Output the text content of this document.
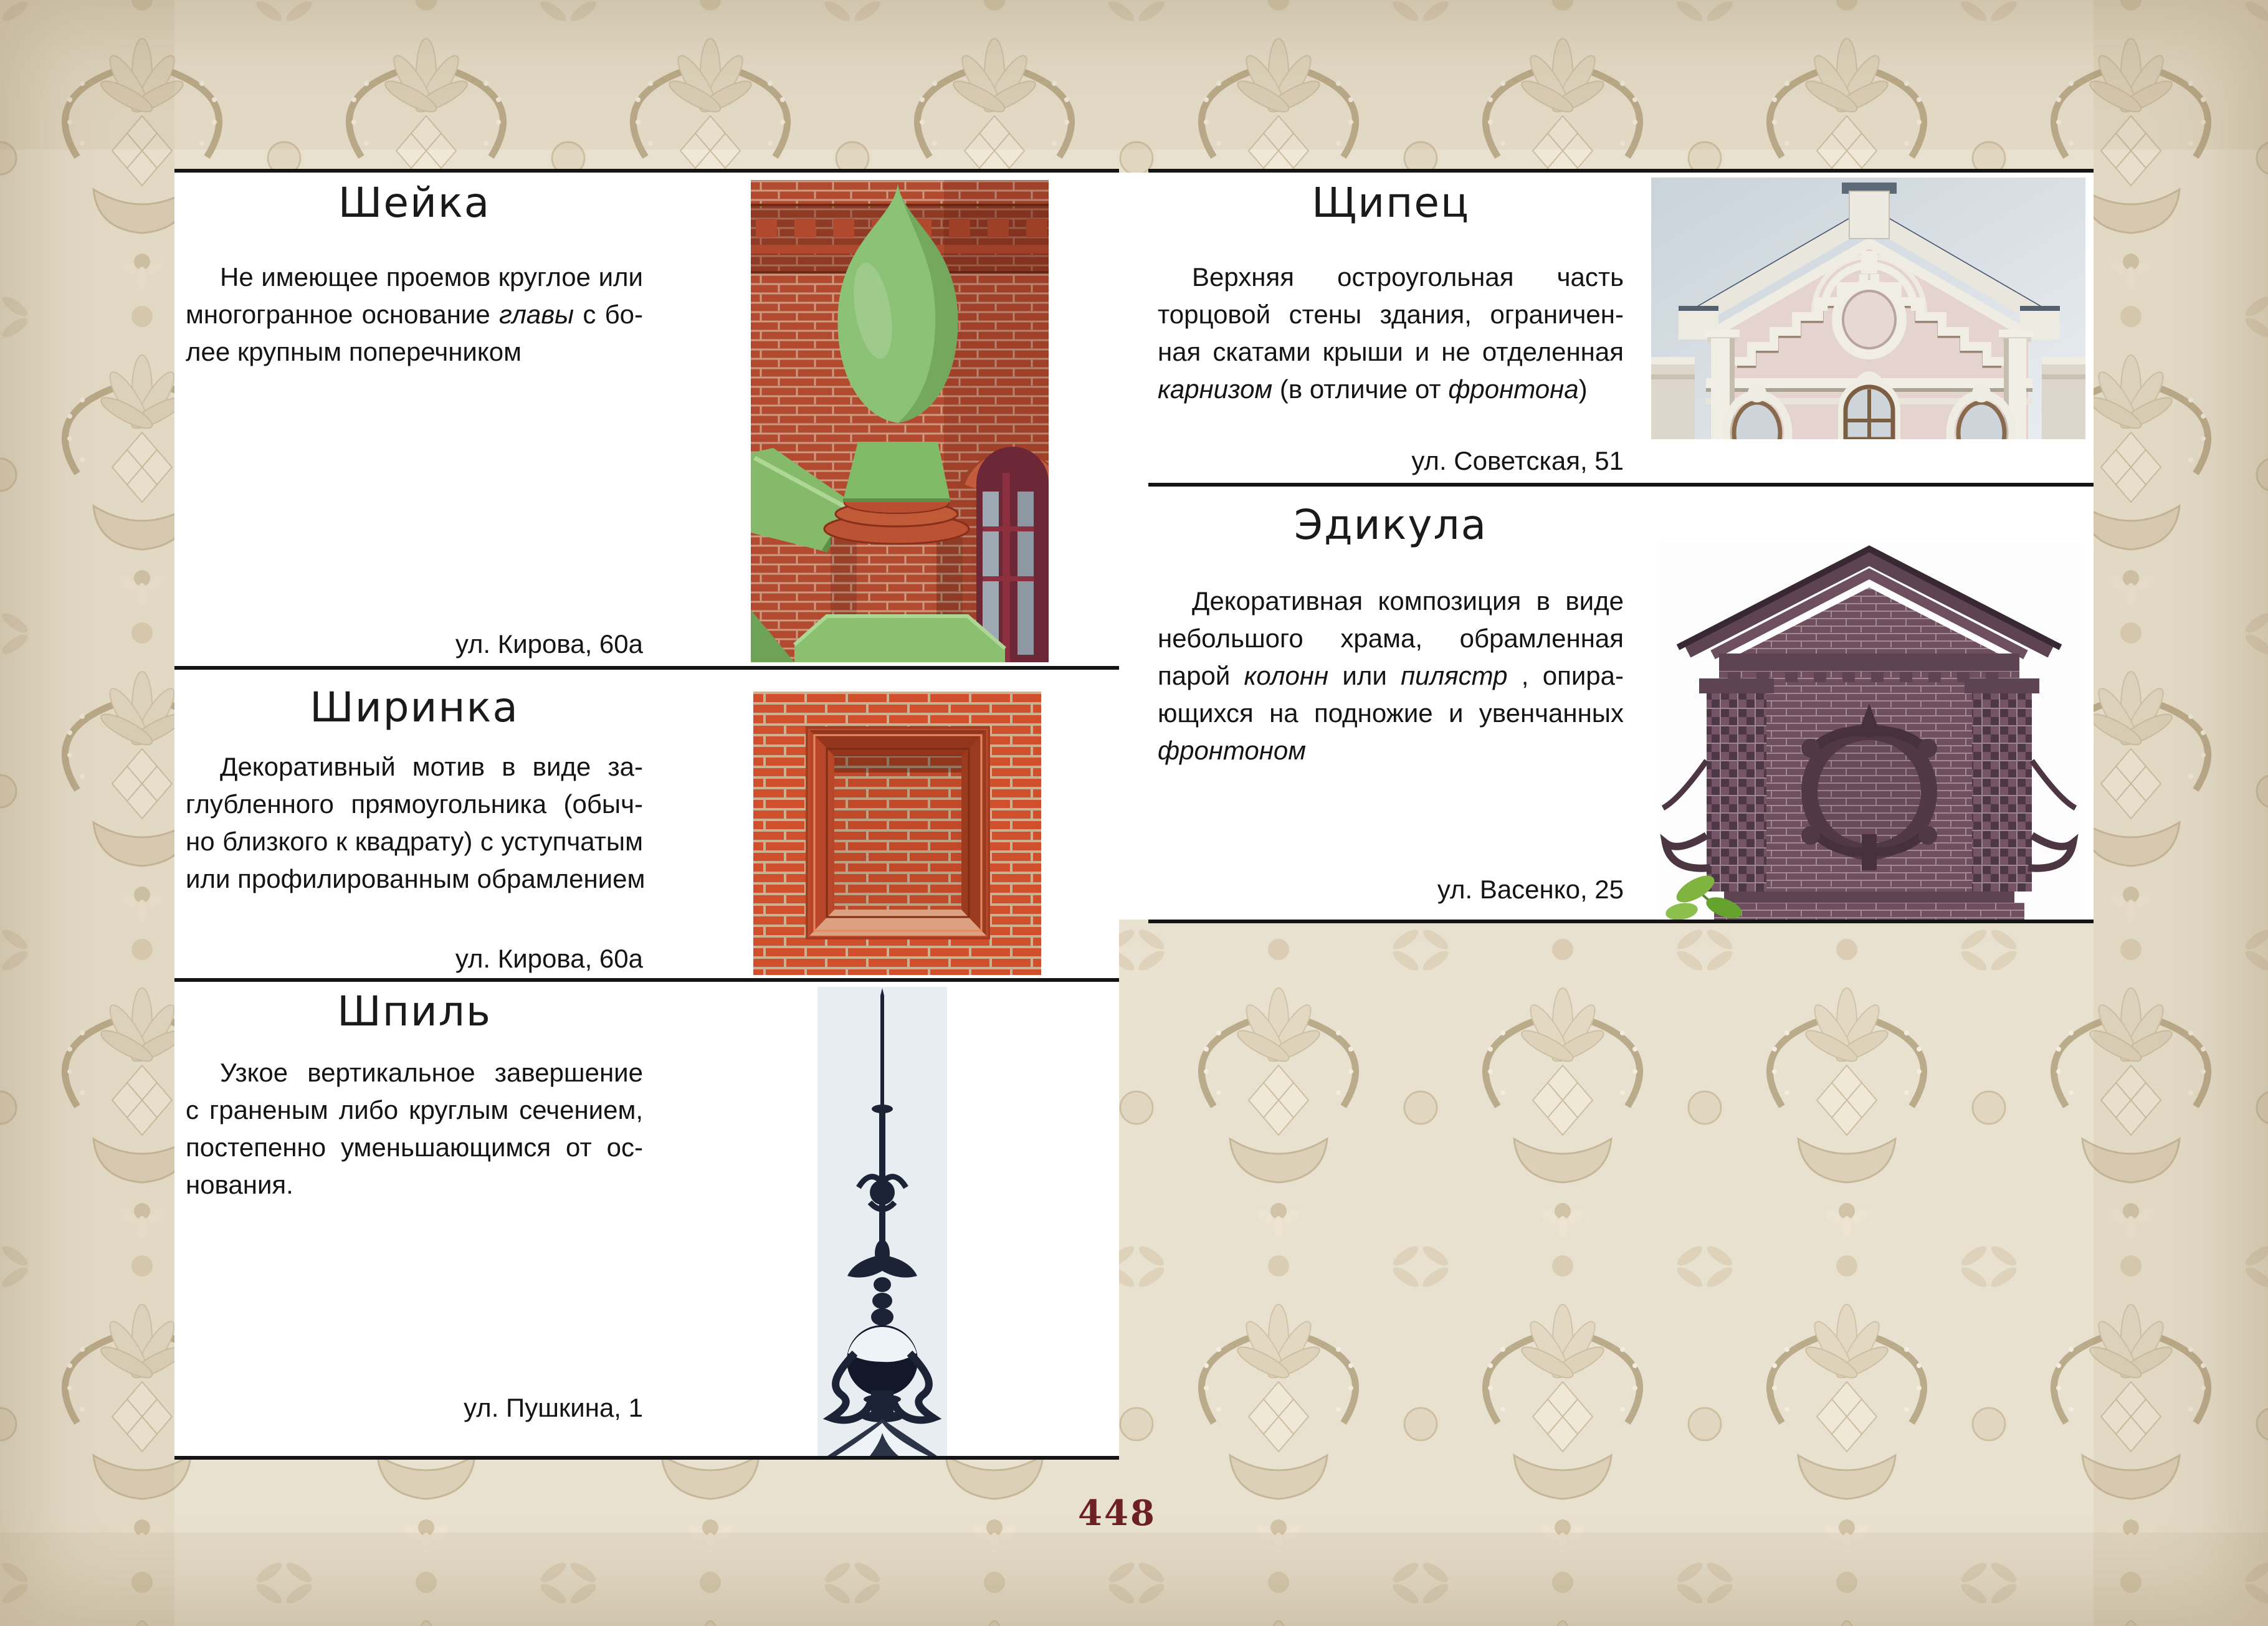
Шейка
Не имеющее проемов круглое или
многогранное основание главы с бо-
лее крупным поперечником
ул. Кирова, 60а
Ширинка
Декоративный мотив в виде за-
глубленного прямоугольника (обыч-
но близкого к квадрату) с уступчатым
или профилированным обрамлением
ул. Кирова, 60а
Шпиль
Узкое вертикальное завершение
с граненым либо круглым сечением,
постепенно уменьшающимся от ос-
нования.
ул. Пушкина, 1
Щипец
Верхняя остроугольная часть
торцовой стены здания, ограничен-
ная скатами крыши и не отделенная
карнизом (в отличие от фронтона)
ул. Советская, 51
Эдикула
Декоративная композиция в виде
небольшого храма, обрамленная
парой колонн или пилястр , опира-
ющихся на подножие и увенчанных
фронтоном
ул. Васенко, 25
448
